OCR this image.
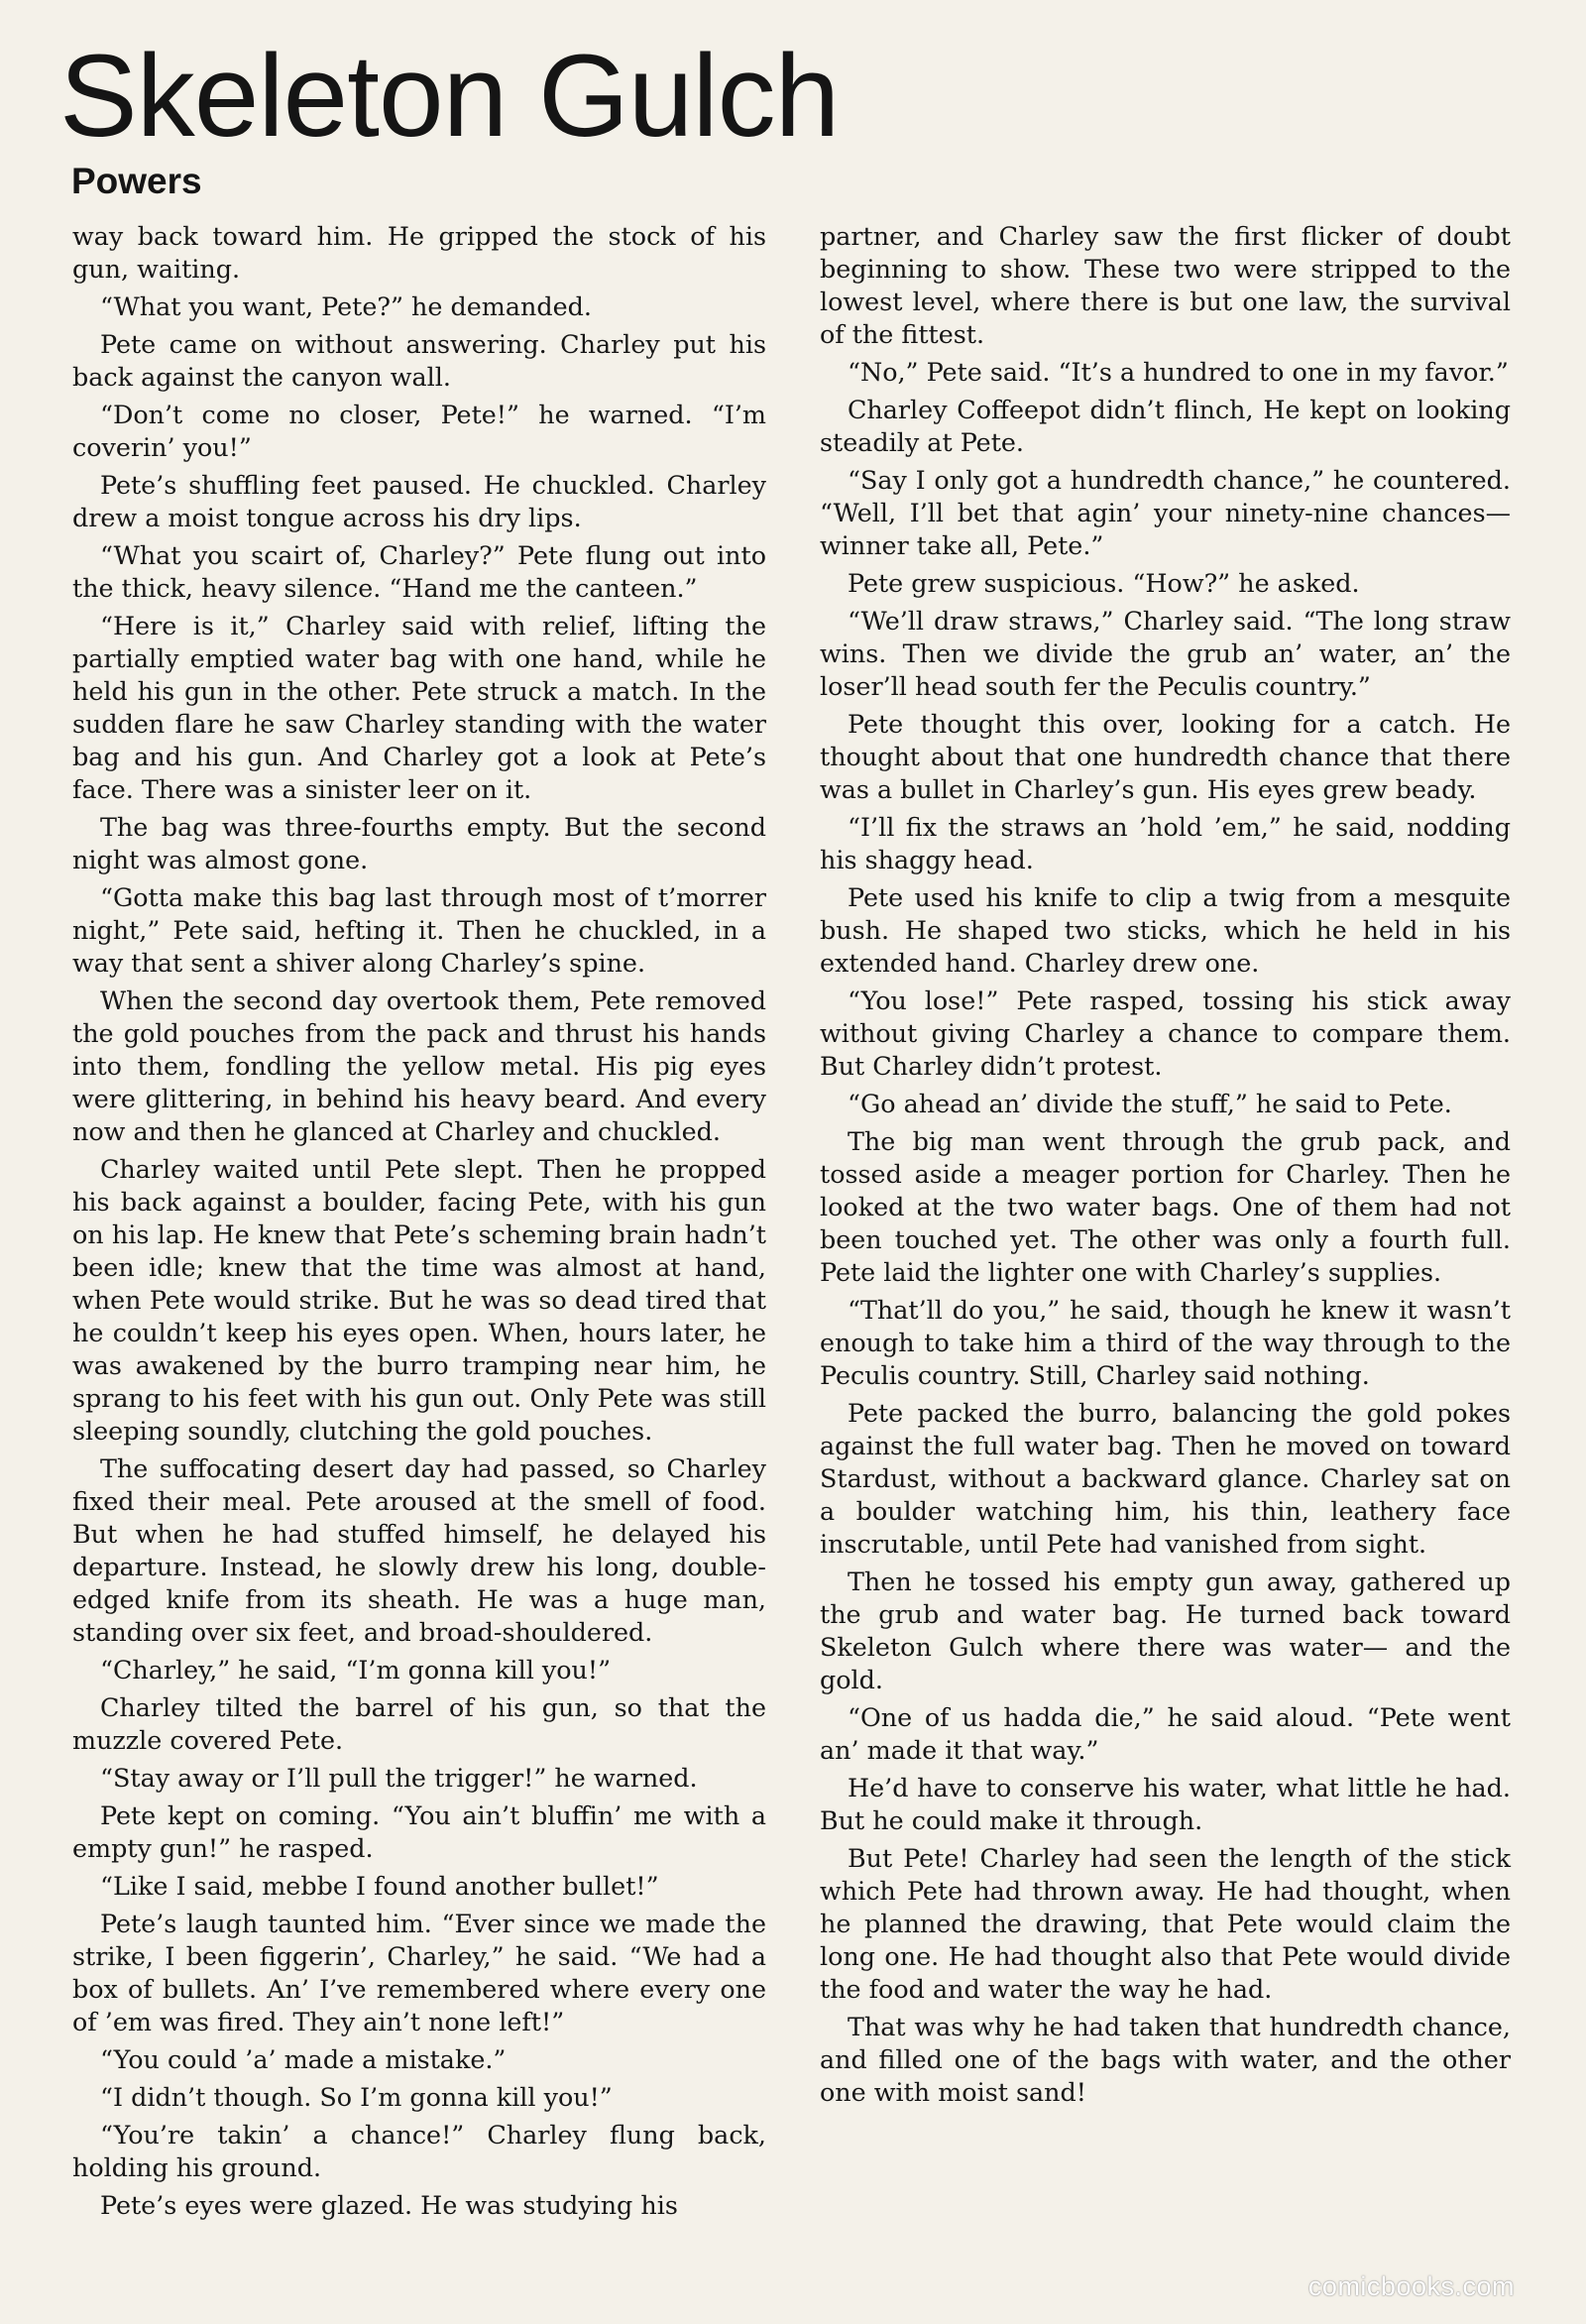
Skeleton Gulch
Powers

way back toward him. He gripped the stock of his gun, waiting.

“What you want, Pete?” he demanded.

Pete came on without answering. Charley put his back against the canyon wall.

“Don’t come no closer, Pete!” he warned. “I’m coverin’ you!”

Pete’s shuffling feet paused. He chuckled. Charley drew a moist tongue across his dry lips.

“What you scairt of, Charley?” Pete flung out into the thick, heavy silence. “Hand me the canteen.”

“Here is it,” Charley said with relief, lifting the partially emptied water bag with one hand, while he held his gun in the other. Pete struck a match. In the sudden flare he saw Charley standing with the water bag and his gun. And Charley got a look at Pete’s face. There was a sinister leer on it.

The bag was three-fourths empty. But the second night was almost gone.

“Gotta make this bag last through most of t’morrer night,” Pete said, hefting it. Then he chuckled, in a way that sent a shiver along Charley’s spine.

When the second day overtook them, Pete removed the gold pouches from the pack and thrust his hands into them, fondling the yellow metal. His pig eyes were glittering, in behind his heavy beard. And every now and then he glanced at Charley and chuckled.

Charley waited until Pete slept. Then he propped his back against a boulder, facing Pete, with his gun on his lap. He knew that Pete’s scheming brain hadn’t been idle; knew that the time was almost at hand, when Pete would strike. But he was so dead tired that he couldn’t keep his eyes open. When, hours later, he was awakened by the burro tramping near him, he sprang to his feet with his gun out. Only Pete was still sleeping soundly, clutching the gold pouches.

The suffocating desert day had passed, so Charley fixed their meal. Pete aroused at the smell of food. But when he had stuffed himself, he delayed his departure. Instead, he slowly drew his long, double-edged knife from its sheath. He was a huge man, standing over six feet, and broad-shouldered.

“Charley,” he said, “I’m gonna kill you!”

Charley tilted the barrel of his gun, so that the muzzle covered Pete.

“Stay away or I’ll pull the trigger!” he warned.

Pete kept on coming. “You ain’t bluffin’ me with a empty gun!” he rasped.

“Like I said, mebbe I found another bullet!”

Pete’s laugh taunted him. “Ever since we made the strike, I been figgerin’, Charley,” he said. “We had a box of bullets. An’ I’ve remembered where every one of ’em was fired. They ain’t none left!”

“You could ’a’ made a mistake.”

“I didn’t though. So I’m gonna kill you!”

“You’re takin’ a chance!” Charley flung back, holding his ground.

Pete’s eyes were glazed. He was studying his

partner, and Charley saw the first flicker of doubt beginning to show. These two were stripped to the lowest level, where there is but one law, the survival of the fittest.

“No,” Pete said. “It’s a hundred to one in my favor.”

Charley Coffeepot didn’t flinch, He kept on looking steadily at Pete.

“Say I only got a hundredth chance,” he countered. “Well, I’ll bet that agin’ your ninety-nine chances— winner take all, Pete.”

Pete grew suspicious. “How?” he asked.

“We’ll draw straws,” Charley said. “The long straw wins. Then we divide the grub an’ water, an’ the loser’ll head south fer the Peculis country.”

Pete thought this over, looking for a catch. He thought about that one hundredth chance that there was a bullet in Charley’s gun. His eyes grew beady.

“I’ll fix the straws an ’hold ’em,” he said, nodding his shaggy head.

Pete used his knife to clip a twig from a mesquite bush. He shaped two sticks, which he held in his extended hand. Charley drew one.

“You lose!” Pete rasped, tossing his stick away without giving Charley a chance to compare them. But Charley didn’t protest.

“Go ahead an’ divide the stuff,” he said to Pete.

The big man went through the grub pack, and tossed aside a meager portion for Charley. Then he looked at the two water bags. One of them had not been touched yet. The other was only a fourth full. Pete laid the lighter one with Charley’s supplies.

“That’ll do you,” he said, though he knew it wasn’t enough to take him a third of the way through to the Peculis country. Still, Charley said nothing.

Pete packed the burro, balancing the gold pokes against the full water bag. Then he moved on toward Stardust, without a backward glance. Charley sat on a boulder watching him, his thin, leathery face inscrutable, until Pete had vanished from sight.

Then he tossed his empty gun away, gathered up the grub and water bag. He turned back toward Skeleton Gulch where there was water— and the gold.

“One of us hadda die,” he said aloud. “Pete went an’ made it that way.”

He’d have to conserve his water, what little he had. But he could make it through.

But Pete! Charley had seen the length of the stick which Pete had thrown away. He had thought, when he planned the drawing, that Pete would claim the long one. He had thought also that Pete would divide the food and water the way he had.

That was why he had taken that hundredth chance, and filled one of the bags with water, and the other one with moist sand!

comicbooks.com
